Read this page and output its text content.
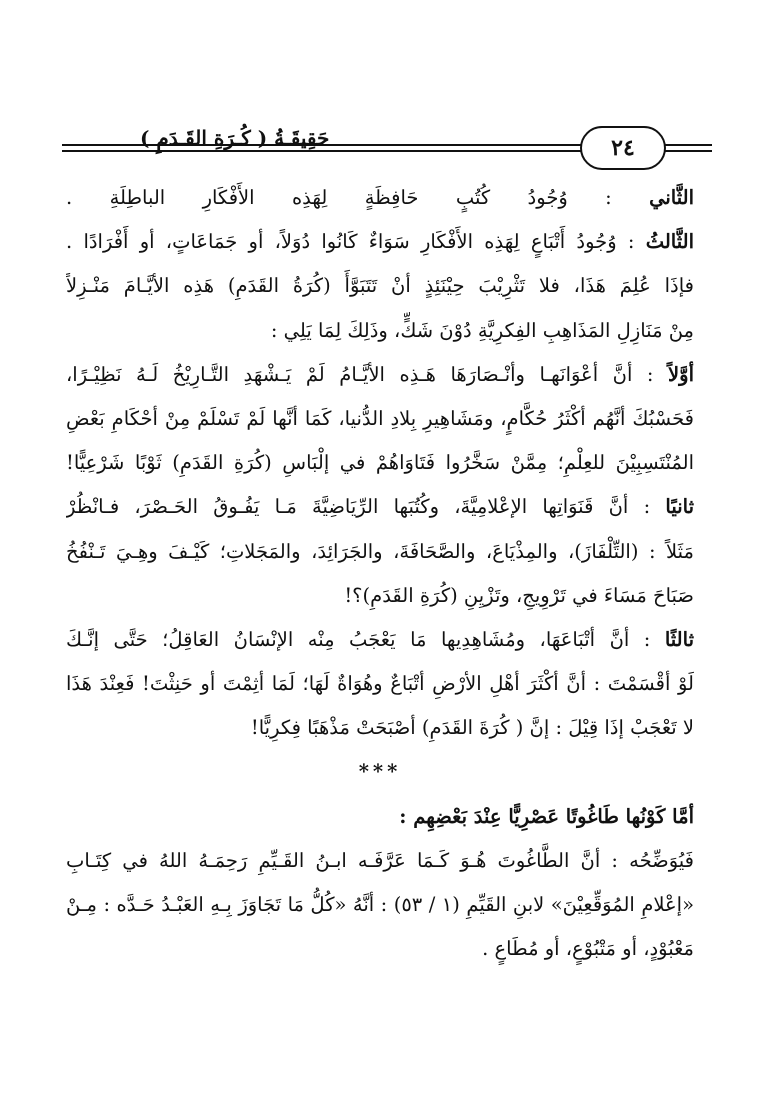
حَقِيقَـةُ ( كُـرَةِ القَـدَمِ )	٢٤
الثَّاني : وُجُودُ كُتُبٍ حَافِظَةٍ لِهَذِه الأَفْكَارِ الباطِلَةِ .
الثَّالثُ : وُجُودُ أَتْبَاعٍ لِهَذِه الأَفْكَارِ سَوَاءٌ كَانُوا دُوَلاً، أو جَمَاعَاتٍ، أو أَفْرَادًا .
فإذَا عُلِمَ هَذَا، فلا تَثْرِيْبَ حِيْنَئِذٍ أنْ تَتَبَوَّأَ (كُرَةُ القَدَمِ) هَذِه الأيَّـامَ مَنْـزِلاً
مِنْ مَنَازِلِ المَذَاهِبِ الفِكرِيَّةِ دُوْنَ شَكٍّ، وذَلِكَ لِمَا يَلِي :
أوَّلاً : أنَّ أعْوَانَهـا وأنْـصَارَهَا هَـذِه الأيَّـامُ لَمْ يَـشْهَدِ التَّـارِيْخُ لَـهُ نَظِيْـرًا،
فَحَسْبُكَ أنَّهُم أكْثَرُ حُكَّامٍ، ومَشَاهِيرِ بِلادِ الدُّنيا، كَمَا أنَّها لَمْ تَسْلَمْ مِنْ أحْكَامِ بَعْضِ
المُنْتَسِبِيْنَ للعِلْمِ؛ مِمَّنْ سَخَّرُوا فَتَاوَاهُمْ في إلْبَاسِ (كُرَةِ القَدَمِ) ثَوْبًا شَرْعِيًّا!
ثانيًا : أنَّ قَنَوَاتِها الإعْلامِيَّةَ، وكُتُبَها الرِّيَاضِيَّةَ مَـا يَفُـوقُ الحَـصْرَ، فـانْظُرْ
مَثَلاً : (التِّلْفَازَ)، والمِذْيَاعَ، والصَّحَافَةَ، والجَرَائِدَ، والمَجَلاتِ؛ كَيْـفَ وهِـيَ تَـنْفُخُ
صَبَاحَ مَسَاءَ في تَرْوِيجِ، وتَزْيِنِ (كُرَةِ القَدَمِ)؟!
ثالثًا : أنَّ أتْبَاعَهَا، ومُشَاهِدِيها مَا يَعْجَبُ مِنْه الإنْسَانُ العَاقِلُ؛ حَتَّى إنَّـكَ
لَوْ أقْسَمْتَ : أنَّ أكْثَرَ أهْلِ الأرْضِ أتْبَاعٌ وهُوَاةٌ لَهَا؛ لَمَا أثِمْتَ أو حَنِثْتَ! فَعِنْدَ هَذَا
لا تَعْجَبْ إذَا قِيْلَ : إنَّ ( كُرَةَ القَدَمِ) أصْبَحَتْ مَذْهَبًا فِكرِيًّا!
***
أمَّا كَوْنُها طَاغُوتًا عَصْرِيًّا عِنْدَ بَعْضِهِم :
فَيُوَضِّحُه : أنَّ الطَّاغُوتَ هُـوَ كَـمَا عَرَّفَـه ابـنُ القَـيِّمِ رَحِمَـهُ اللهُ في كِتَـابِ
«إعْلامِ المُوَقِّعِيْنَ» لابنِ القَيِّمِ (١ / ٥٣) : أنَّهُ «كُلُّ مَا تَجَاوَزَ بِـهِ العَبْـدُ حَـدَّه : مِـنْ
مَعْبُوْدٍ، أو مَتْبُوْعٍ، أو مُطَاعٍ .
